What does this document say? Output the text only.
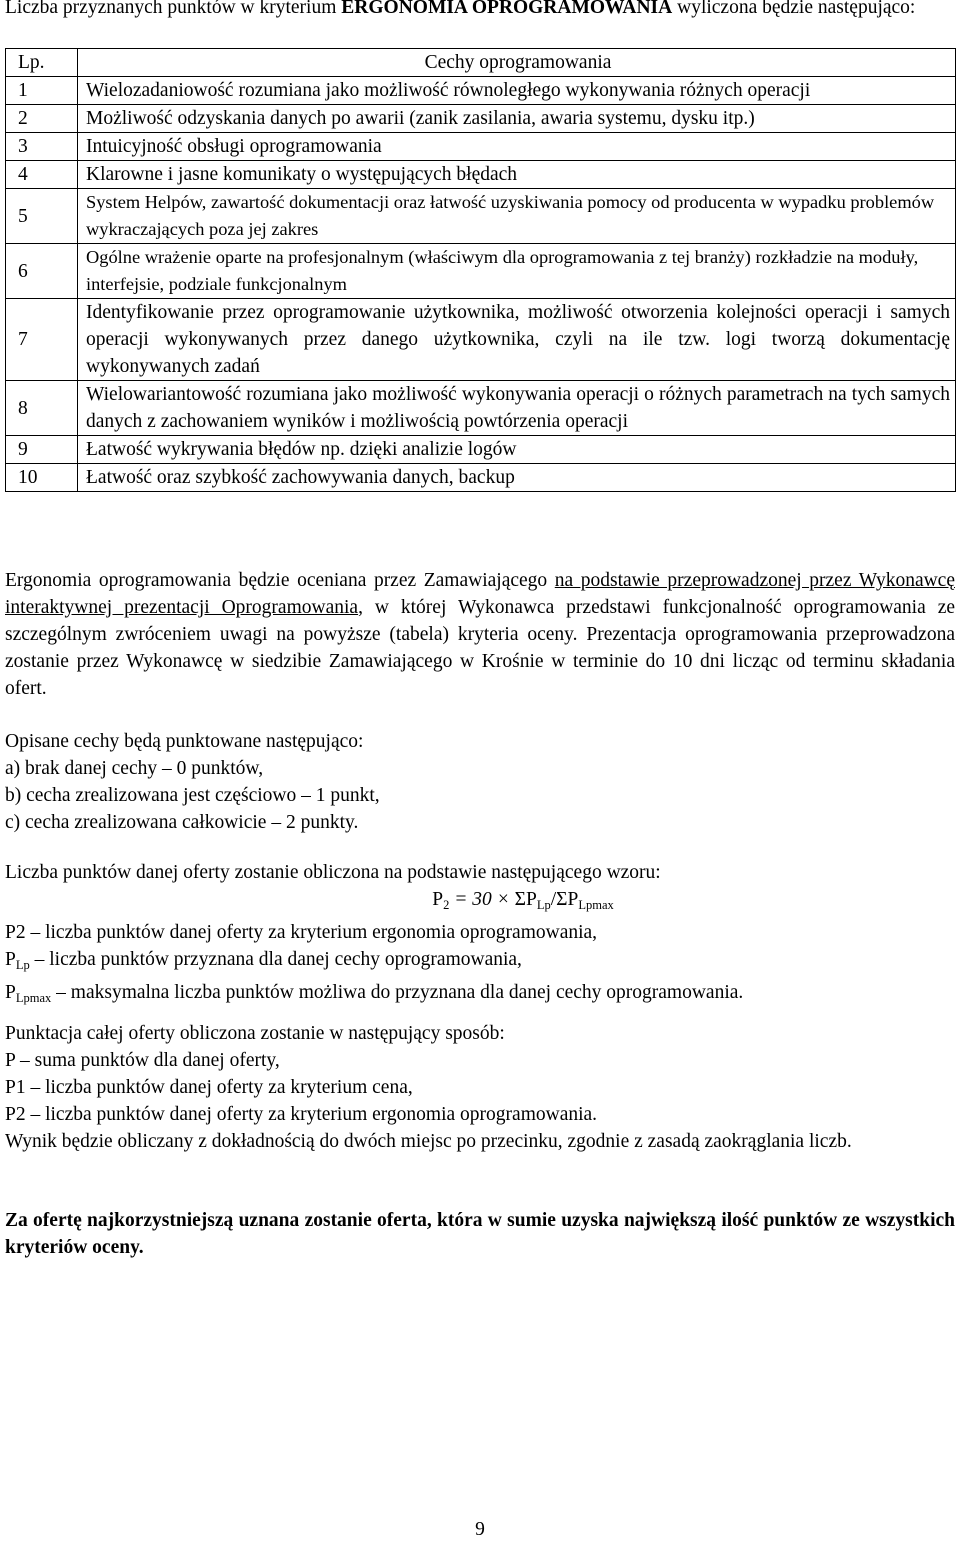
Liczba przyznanych punktów w kryterium ERGONOMIA OPROGRAMOWANIA wyliczona będzie następująco:

Lp.	Cechy oprogramowania
1	Wielozadaniowość rozumiana jako możliwość równoległego wykonywania różnych operacji
2	Możliwość odzyskania danych po awarii (zanik zasilania, awaria systemu, dysku itp.)
3	Intuicyjność obsługi oprogramowania
4	Klarowne i jasne komunikaty o występujących błędach
5	System Helpów, zawartość dokumentacji oraz łatwość uzyskiwania pomocy od producenta w wypadku problemów wykraczających poza jej zakres
6	Ogólne wrażenie oparte na profesjonalnym (właściwym dla oprogramowania z tej branży) rozkładzie na moduły, interfejsie, podziale funkcjonalnym
7	Identyfikowanie przez oprogramowanie użytkownika, możliwość otworzenia kolejności operacji i samych operacji wykonywanych przez danego użytkownika, czyli na ile tzw. logi tworzą dokumentację wykonywanych zadań
8	Wielowariantowość rozumiana jako możliwość wykonywania operacji o różnych parametrach na tych samych danych z zachowaniem wyników i możliwością powtórzenia operacji
9	Łatwość wykrywania błędów np. dzięki analizie logów
10	Łatwość oraz szybkość zachowywania danych, backup

Ergonomia oprogramowania będzie oceniana przez Zamawiającego na podstawie przeprowadzonej przez Wykonawcę interaktywnej prezentacji Oprogramowania, w której Wykonawca przedstawi funkcjonalność oprogramowania ze szczególnym zwróceniem uwagi na powyższe (tabela) kryteria oceny. Prezentacja oprogramowania przeprowadzona zostanie przez Wykonawcę w siedzibie Zamawiającego w Krośnie w terminie do 10 dni licząc od terminu składania ofert.

Opisane cechy będą punktowane następująco:

a) brak danej cechy – 0 punktów,

b) cecha zrealizowana jest częściowo – 1 punkt,

c) cecha zrealizowana całkowicie – 2 punkty.

Liczba punktów danej oferty zostanie obliczona na podstawie następującego wzoru:

$P_2 = 30 \times \Sigma P_{Lp}/\Sigma P_{Lpmax}$

P2 – liczba punktów danej oferty za kryterium ergonomia oprogramowania,

$P_{Lp}$ – liczba punktów przyznana dla danej cechy oprogramowania,

$P_{Lpmax}$ – maksymalna liczba punktów możliwa do przyznana dla danej cechy oprogramowania.

Punktacja całej oferty obliczona zostanie w następujący sposób:

P – suma punktów dla danej oferty,

P1 – liczba punktów danej oferty za kryterium cena,

P2 – liczba punktów danej oferty za kryterium ergonomia oprogramowania.

Wynik będzie obliczany z dokładnością do dwóch miejsc po przecinku, zgodnie z zasadą zaokrąglania liczb.

Za ofertę najkorzystniejszą uznana zostanie oferta, która w sumie uzyska największą ilość punktów ze wszystkich kryteriów oceny.

9
